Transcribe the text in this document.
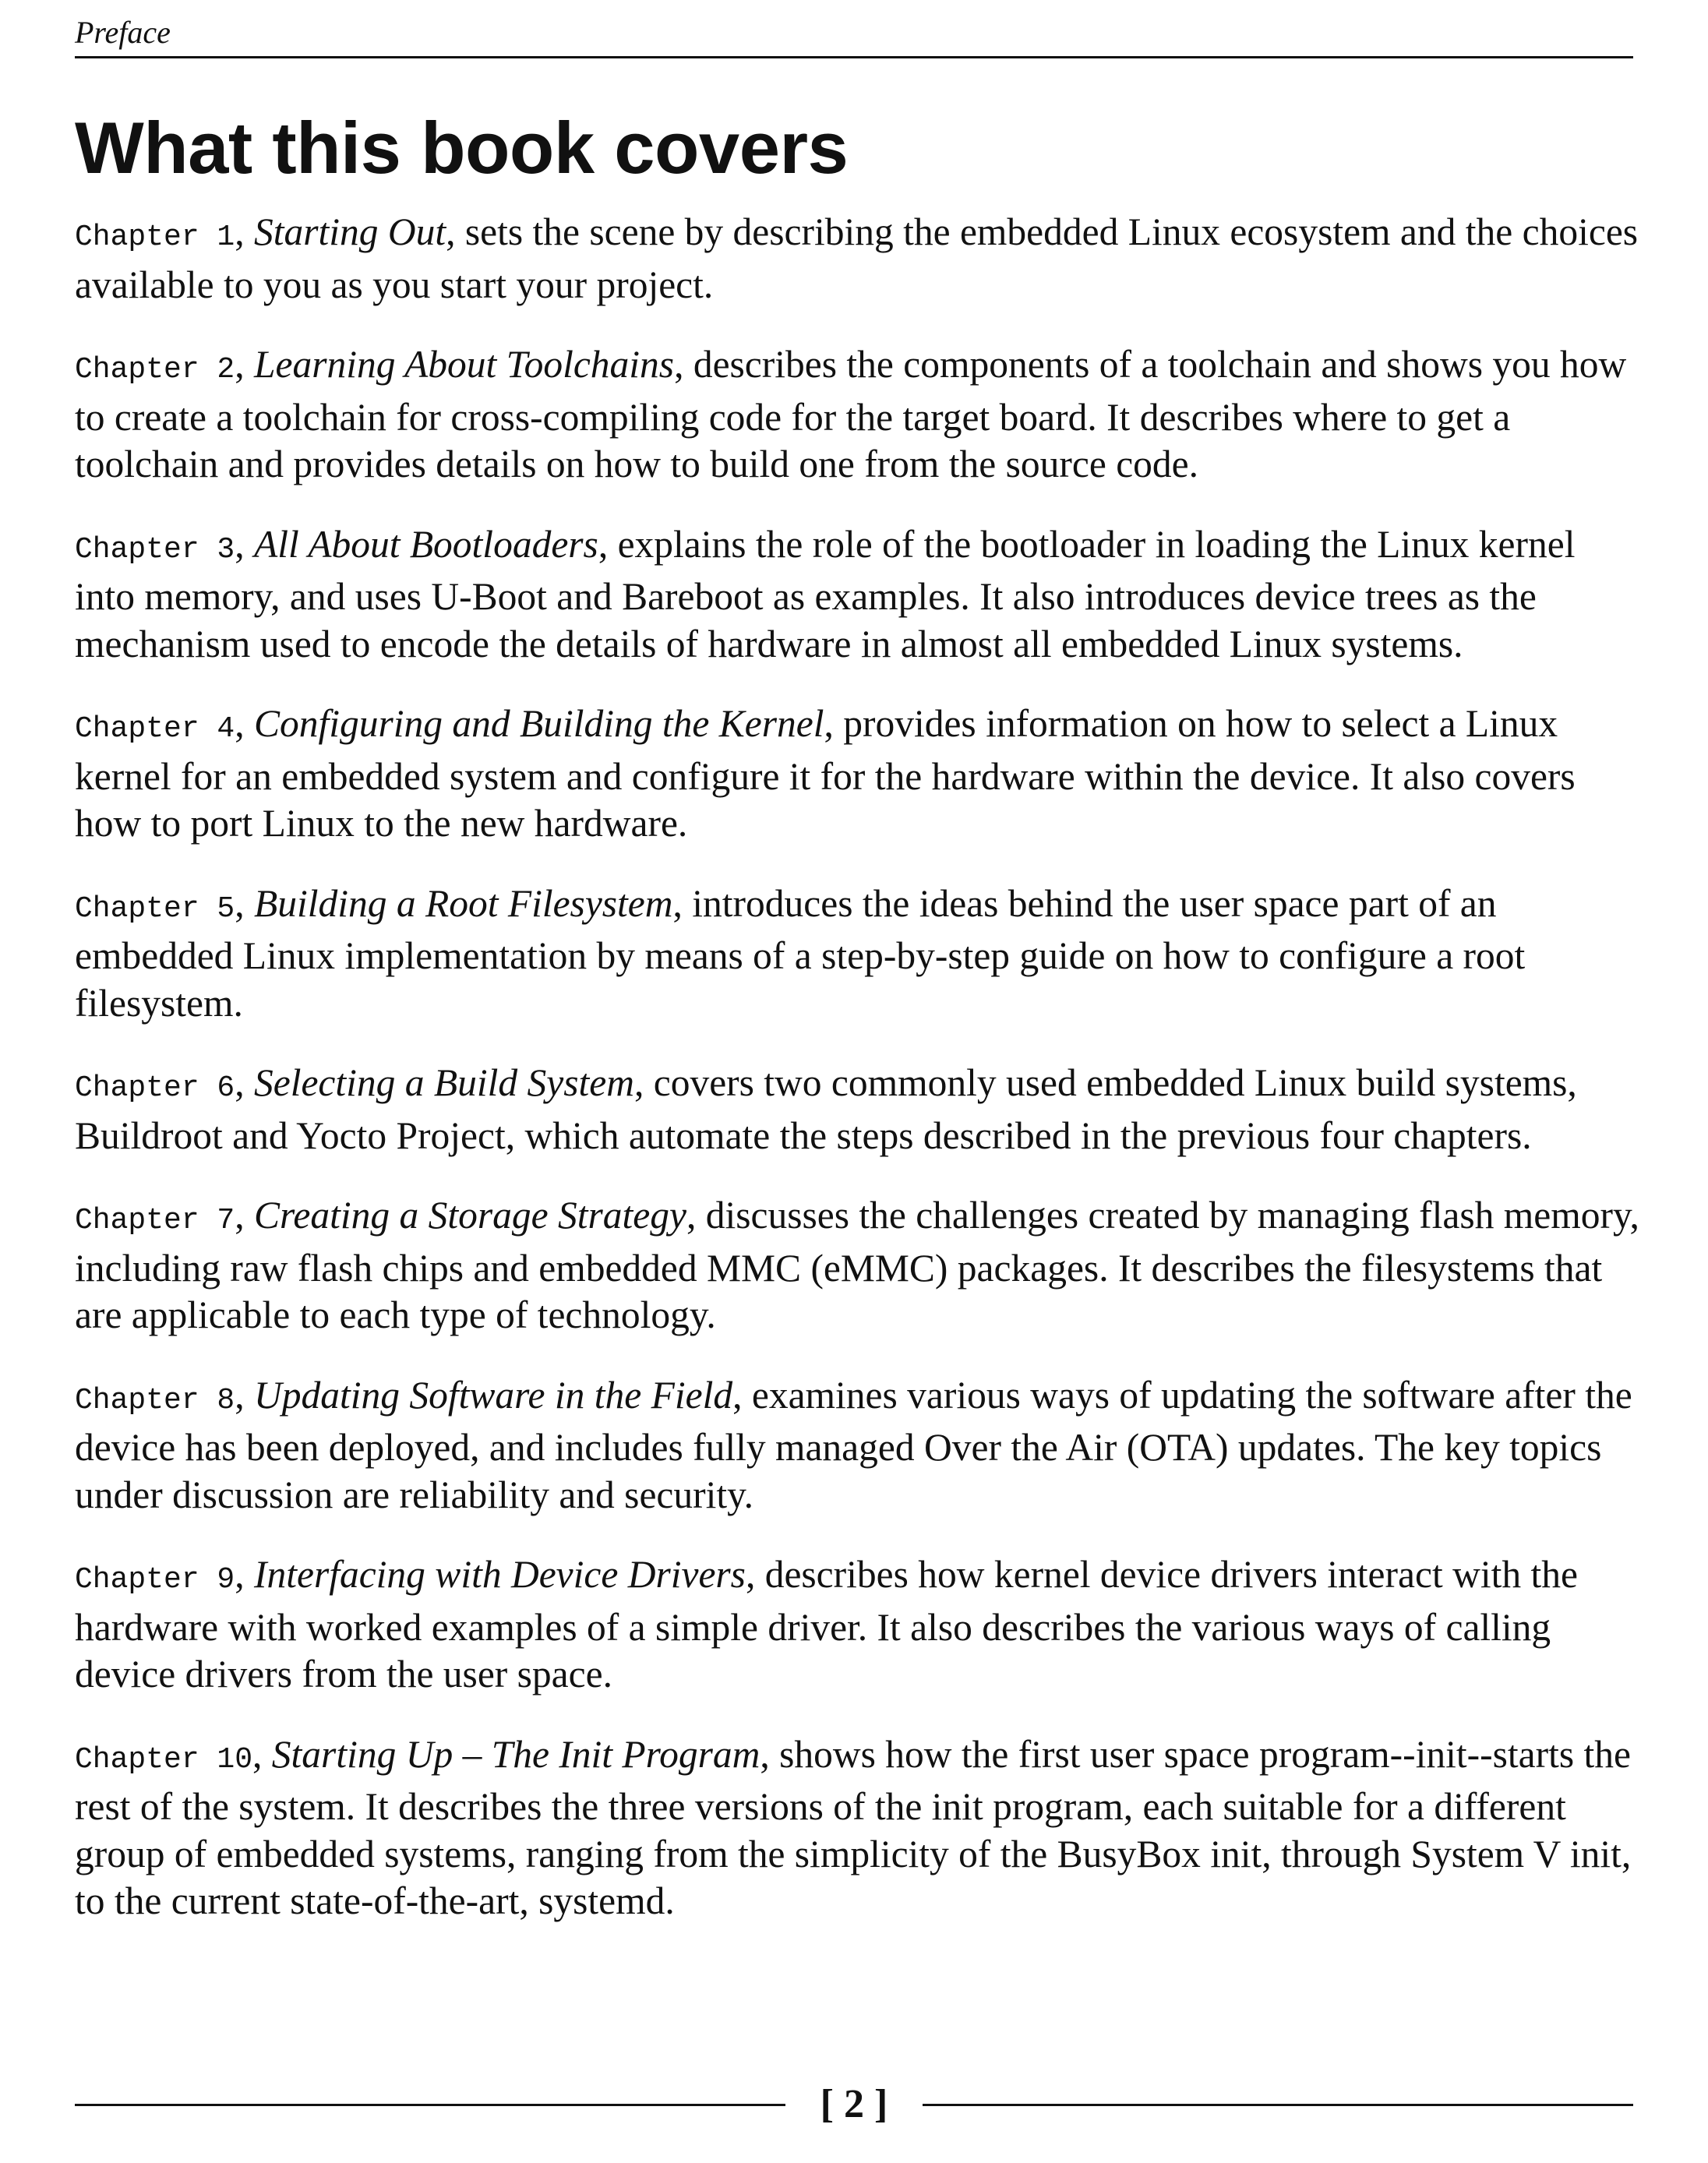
Preface
What this book covers

Chapter 1, Starting Out, sets the scene by describing the embedded Linux ecosystem and the choices available to you as you start your project.

Chapter 2, Learning About Toolchains, describes the components of a toolchain and shows you how to create a toolchain for cross-compiling code for the target board. It describes where to get a toolchain and provides details on how to build one from the source code.

Chapter 3, All About Bootloaders, explains the role of the bootloader in loading the Linux kernel into memory, and uses U-Boot and Bareboot as examples. It also introduces device trees as the mechanism used to encode the details of hardware in almost all embedded Linux systems.

Chapter 4, Configuring and Building the Kernel, provides information on how to select a Linux kernel for an embedded system and configure it for the hardware within the device. It also covers how to port Linux to the new hardware.

Chapter 5, Building a Root Filesystem, introduces the ideas behind the user space part of an embedded Linux implementation by means of a step-by-step guide on how to configure a root filesystem.

Chapter 6, Selecting a Build System, covers two commonly used embedded Linux build systems, Buildroot and Yocto Project, which automate the steps described in the previous four chapters.

Chapter 7, Creating a Storage Strategy, discusses the challenges created by managing flash memory, including raw flash chips and embedded MMC (eMMC) packages. It describes the filesystems that are applicable to each type of technology.

Chapter 8, Updating Software in the Field, examines various ways of updating the software after the device has been deployed, and includes fully managed Over the Air (OTA) updates. The key topics under discussion are reliability and security.

Chapter 9, Interfacing with Device Drivers, describes how kernel device drivers interact with the hardware with worked examples of a simple driver. It also describes the various ways of calling device drivers from the user space.

Chapter 10, Starting Up – The Init Program, shows how the first user space program--init--starts the rest of the system. It describes the three versions of the init program, each suitable for a different group of embedded systems, ranging from the simplicity of the BusyBox init, through System V init, to the current state-of-the-art, systemd.

[ 2 ]
